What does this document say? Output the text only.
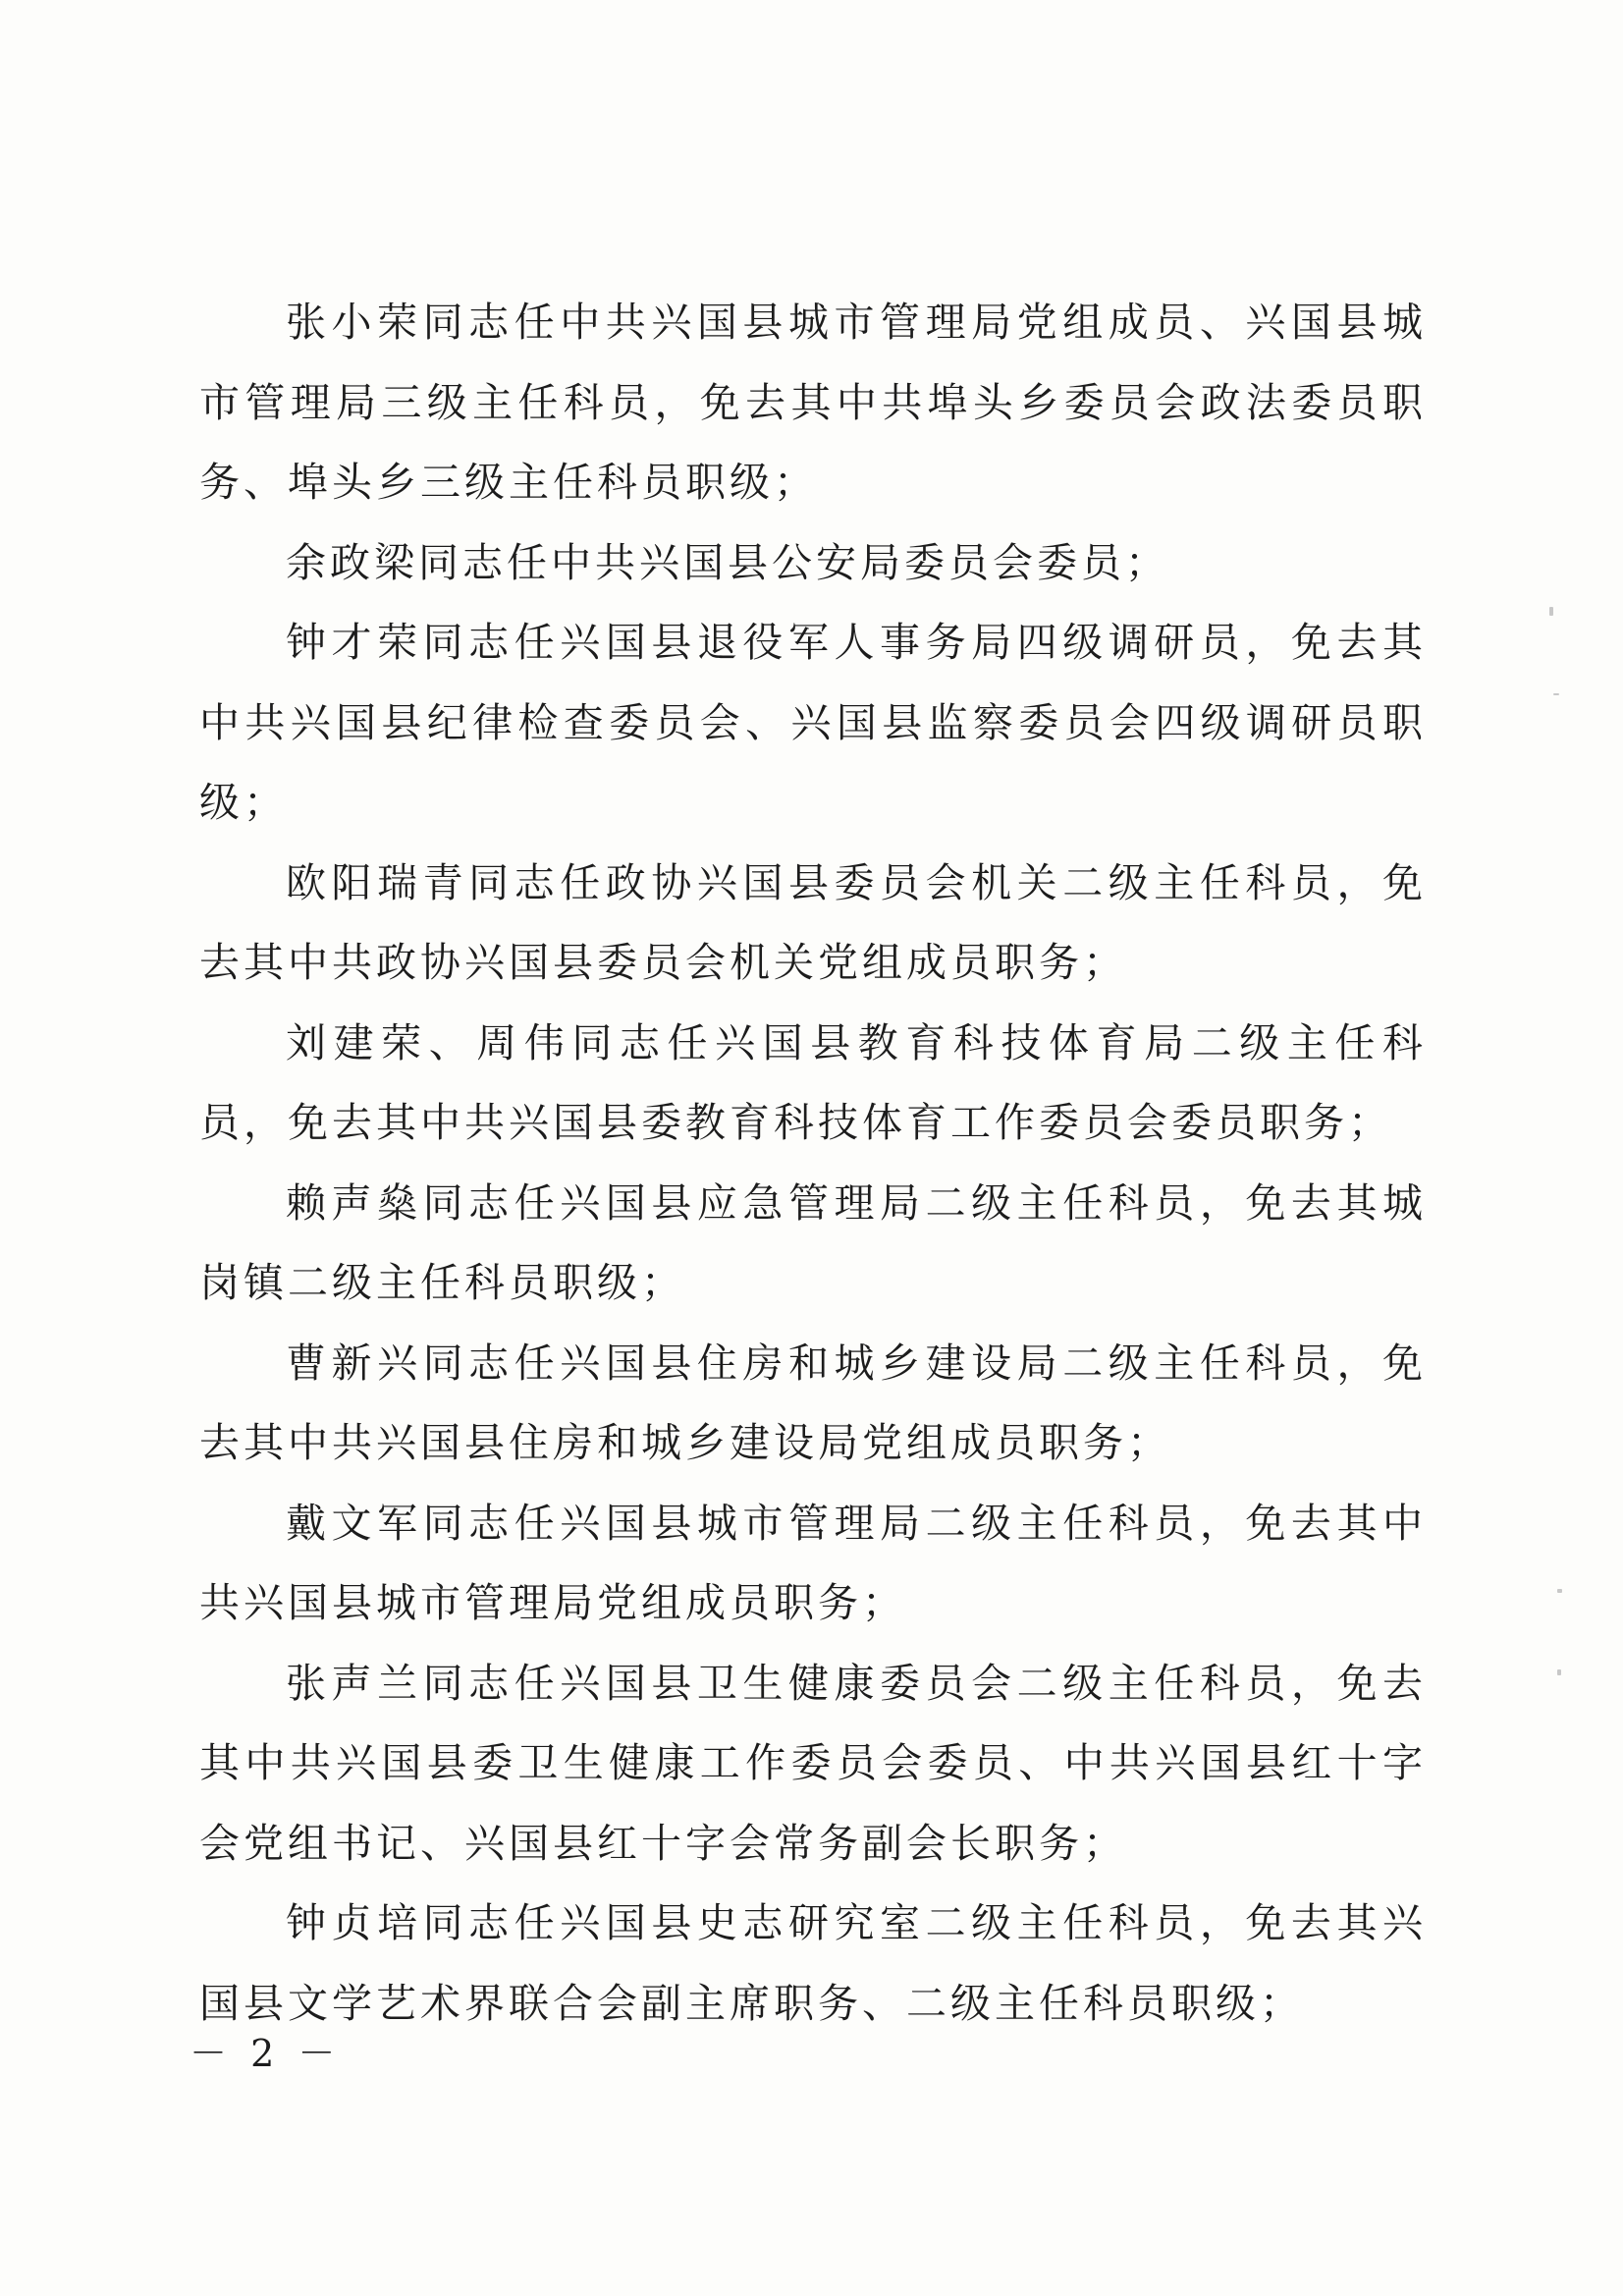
张小荣同志任中共兴国县城市管理局党组成员、兴国县城市管理局三级主任科员，免去其中共埠头乡委员会政法委员职务、埠头乡三级主任科员职级；

余政梁同志任中共兴国县公安局委员会委员；

钟才荣同志任兴国县退役军人事务局四级调研员，免去其中共兴国县纪律检查委员会、兴国县监察委员会四级调研员职级；

欧阳瑞青同志任政协兴国县委员会机关二级主任科员，免去其中共政协兴国县委员会机关党组成员职务；

刘建荣、周伟同志任兴国县教育科技体育局二级主任科员，免去其中共兴国县委教育科技体育工作委员会委员职务；

赖声燊同志任兴国县应急管理局二级主任科员，免去其城岗镇二级主任科员职级；

曹新兴同志任兴国县住房和城乡建设局二级主任科员，免去其中共兴国县住房和城乡建设局党组成员职务；

戴文军同志任兴国县城市管理局二级主任科员，免去其中共兴国县城市管理局党组成员职务；

张声兰同志任兴国县卫生健康委员会二级主任科员，免去其中共兴国县委卫生健康工作委员会委员、中共兴国县红十字会党组书记、兴国县红十字会常务副会长职务；

钟贞培同志任兴国县史志研究室二级主任科员，免去其兴国县文学艺术界联合会副主席职务、二级主任科员职级；

－ 2 －
